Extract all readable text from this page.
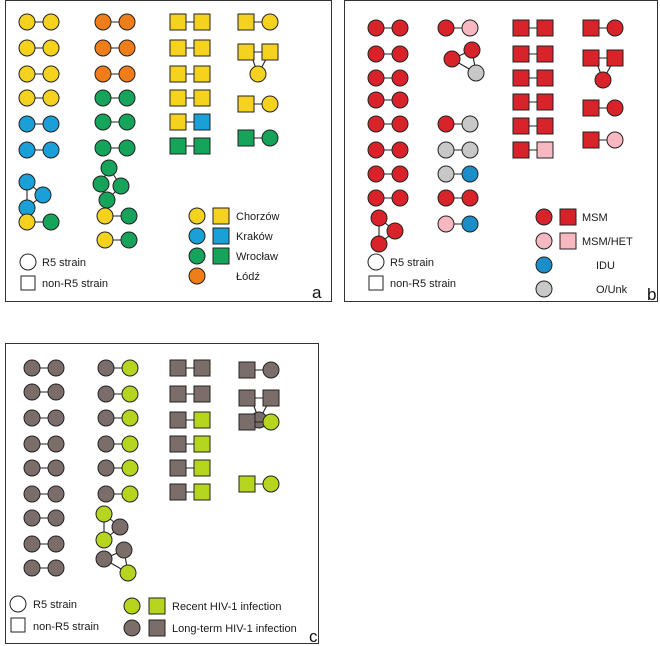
R5 strain
non-R5 strain
Chorzów
Kraków
Wrocław
Łódź
a
R5 strain
non-R5 strain
MSM
MSM/HET
IDU
O/Unk b
R5 strain
non-R5 strain
Recent HIV-1 infection
Long-term HIV-1 infection c
